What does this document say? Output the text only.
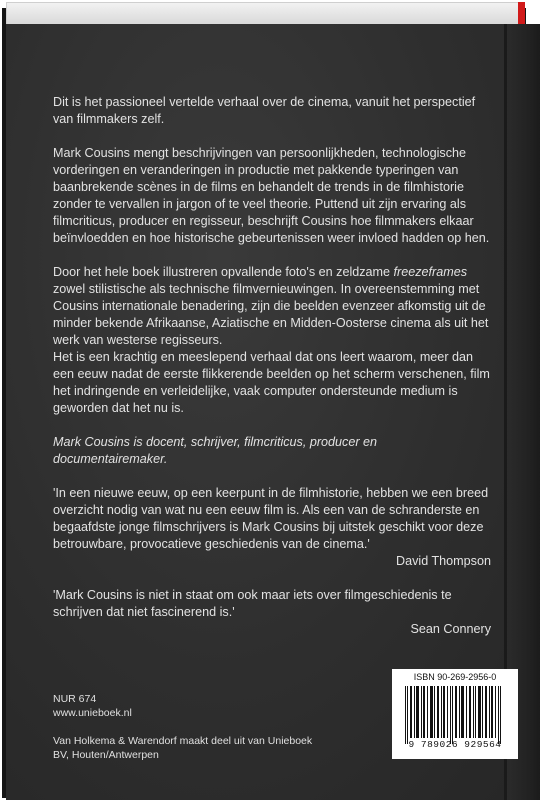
Dit is het passioneel vertelde verhaal over de cinema, vanuit het perspectief van filmmakers zelf.

Mark Cousins mengt beschrijvingen van persoonlijkheden, technologische vorderingen en veranderingen in productie met pakkende typeringen van baanbrekende scènes in de films en behandelt de trends in de filmhistorie zonder te vervallen in jargon of te veel theorie. Puttend uit zijn ervaring als filmcriticus, producer en regisseur, beschrijft Cousins hoe filmmakers elkaar beïnvloedden en hoe historische gebeurtenissen weer invloed hadden op hen.

Door het hele boek illustreren opvallende foto's en zeldzame freezeframes zowel stilistische als technische filmvernieuwingen. In overeenstemming met Cousins internationale benadering, zijn die beelden evenzeer afkomstig uit de minder bekende Afrikaanse, Aziatische en Midden-Oosterse cinema als uit het werk van westerse regisseurs.

Het is een krachtig en meeslepend verhaal dat ons leert waarom, meer dan een eeuw nadat de eerste flikkerende beelden op het scherm verschenen, film het indringende en verleidelijke, vaak computer ondersteunde medium is geworden dat het nu is.

Mark Cousins is docent, schrijver, filmcriticus, producer en documentairemaker.

'In een nieuwe eeuw, op een keerpunt in de filmhistorie, hebben we een breed overzicht nodig van wat nu een eeuw film is. Als een van de schranderste en begaafdste jonge filmschrijvers is Mark Cousins bij uitstek geschikt voor deze betrouwbare, provocatieve geschiedenis van de cinema.'

David Thompson

'Mark Cousins is niet in staat om ook maar iets over filmgeschiedenis te schrijven dat niet fascinerend is.'

Sean Connery

NUR 674

www.unieboek.nl

Van Holkema & Warendorf maakt deel uit van Unieboek BV, Houten/Antwerpen

ISBN 90-269-2956-0
9 789026 929564
